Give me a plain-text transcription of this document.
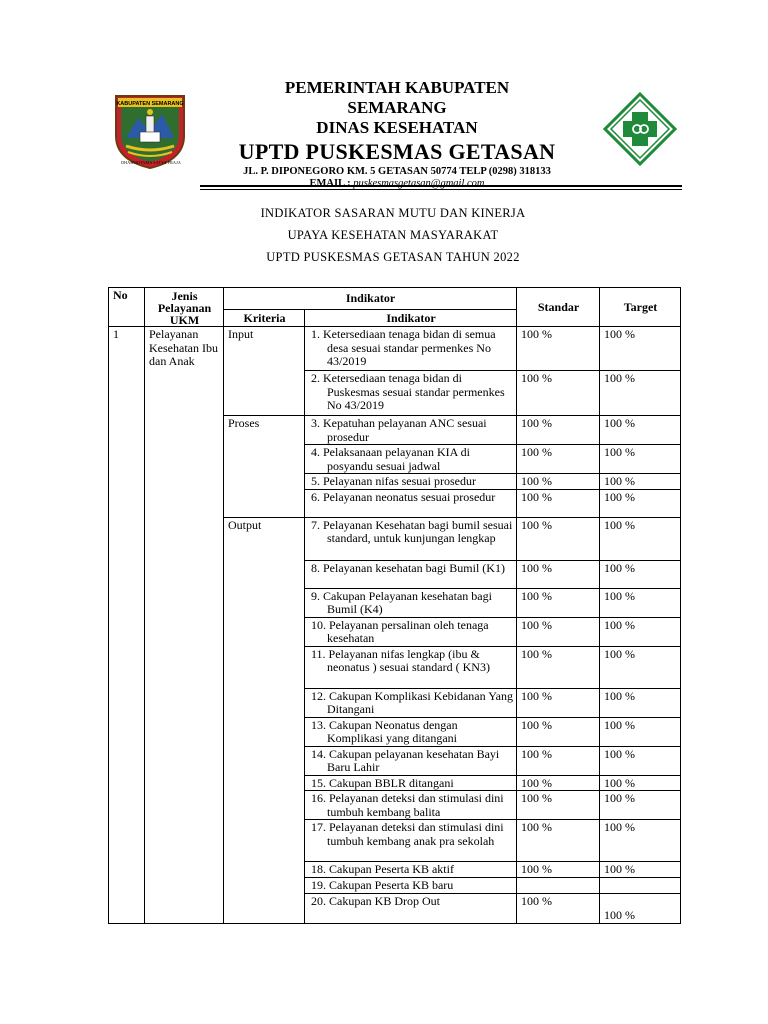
KABUPATEN SEMARANG
DHARMOTAMA SATYA PRAJA
PEMERINTAH KABUPATEN
SEMARANG
DINAS KESEHATAN
UPTD PUSKESMAS GETASAN
JL. P. DIPONEGORO KM. 5 GETASAN 50774 TELP (0298) 318133
EMAIL : puskesmasgetasan@gmail.com
INDIKATOR SASARAN MUTU DAN KINERJA
UPAYA KESEHATAN MASYARAKAT
UPTD PUSKESMAS GETASAN TAHUN 2022
No	Jenis Pelayanan UKM	Indikator		Standar	Target
		Kriteria	Indikator		
1	Pelayanan Kesehatan Ibu dan Anak	Input	1. Ketersediaan tenaga bidan di semua desa sesuai standar permenkes No 43/2019	100 %	100 %
			2. Ketersediaan tenaga bidan di Puskesmas sesuai standar permenkes No 43/2019	100 %	100 %
		Proses	3. Kepatuhan pelayanan ANC sesuai prosedur	100 %	100 %
			4. Pelaksanaan pelayanan KIA di posyandu sesuai jadwal	100 %	100 %
			5. Pelayanan nifas sesuai prosedur	100 %	100 %
			6. Pelayanan neonatus sesuai prosedur	100 %	100 %
		Output	7. Pelayanan Kesehatan bagi bumil sesuai standard, untuk kunjungan lengkap	100 %	100 %
			8. Pelayanan kesehatan bagi Bumil (K1)	100 %	100 %
			9. Cakupan Pelayanan kesehatan bagi Bumil (K4)	100 %	100 %
			10. Pelayanan persalinan oleh tenaga kesehatan	100 %	100 %
			11. Pelayanan nifas lengkap (ibu & neonatus ) sesuai standard ( KN3)	100 %	100 %
			12. Cakupan Komplikasi Kebidanan Yang Ditangani	100 %	100 %
			13. Cakupan Neonatus dengan Komplikasi yang ditangani	100 %	100 %
			14. Cakupan pelayanan kesehatan Bayi Baru Lahir	100 %	100 %
			15. Cakupan BBLR ditangani	100 %	100 %
			16. Pelayanan deteksi dan stimulasi dini tumbuh kembang balita	100 %	100 %
			17. Pelayanan deteksi dan stimulasi dini tumbuh kembang anak pra sekolah	100 %	100 %
			18. Cakupan Peserta KB aktif	100 %	100 %
			19. Cakupan Peserta KB baru		
			20. Cakupan KB Drop Out	100 %	100 %
